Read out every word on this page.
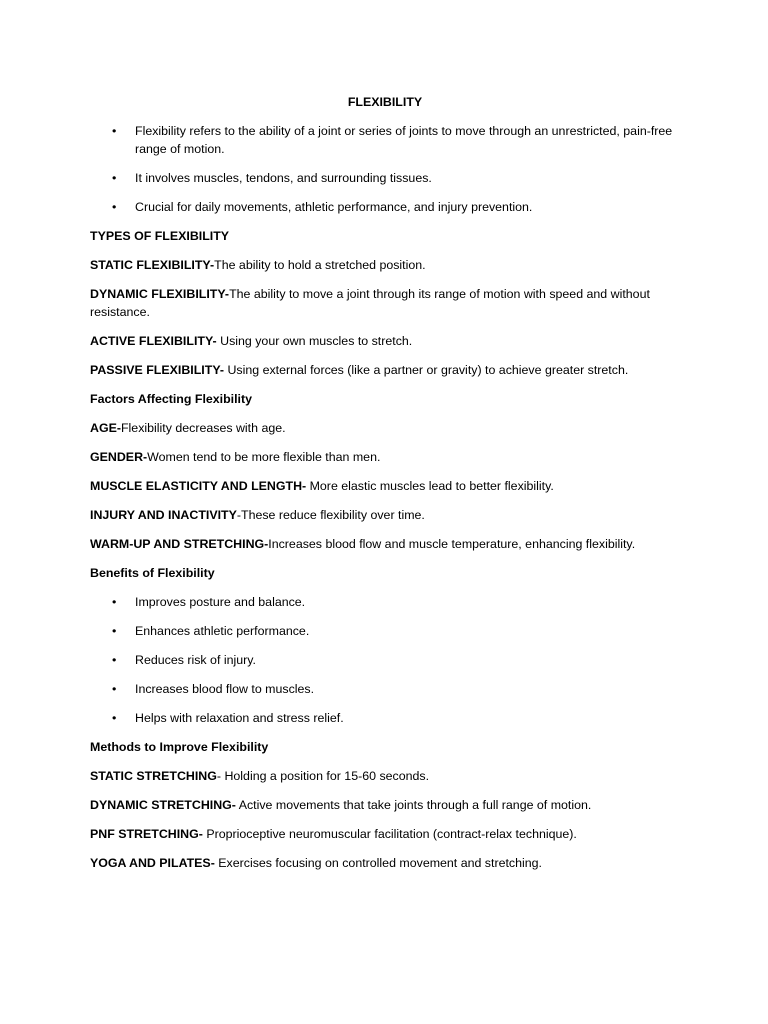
FLEXIBILITY
• Flexibility refers to the ability of a joint or series of joints to move through an unrestricted, pain-free range of motion.
• It involves muscles, tendons, and surrounding tissues.
• Crucial for daily movements, athletic performance, and injury prevention.
TYPES OF FLEXIBILITY
STATIC FLEXIBILITY-The ability to hold a stretched position.
DYNAMIC FLEXIBILITY-The ability to move a joint through its range of motion with speed and without resistance.
ACTIVE FLEXIBILITY- Using your own muscles to stretch.
PASSIVE FLEXIBILITY- Using external forces (like a partner or gravity) to achieve greater stretch.
Factors Affecting Flexibility
AGE-Flexibility decreases with age.
GENDER-Women tend to be more flexible than men.
MUSCLE ELASTICITY AND LENGTH- More elastic muscles lead to better flexibility.
INJURY AND INACTIVITY-These reduce flexibility over time.
WARM-UP AND STRETCHING-Increases blood flow and muscle temperature, enhancing flexibility.
Benefits of Flexibility
• Improves posture and balance.
• Enhances athletic performance.
• Reduces risk of injury.
• Increases blood flow to muscles.
• Helps with relaxation and stress relief.
Methods to Improve Flexibility
STATIC STRETCHING- Holding a position for 15-60 seconds.
DYNAMIC STRETCHING- Active movements that take joints through a full range of motion.
PNF STRETCHING- Proprioceptive neuromuscular facilitation (contract-relax technique).
YOGA AND PILATES- Exercises focusing on controlled movement and stretching.
